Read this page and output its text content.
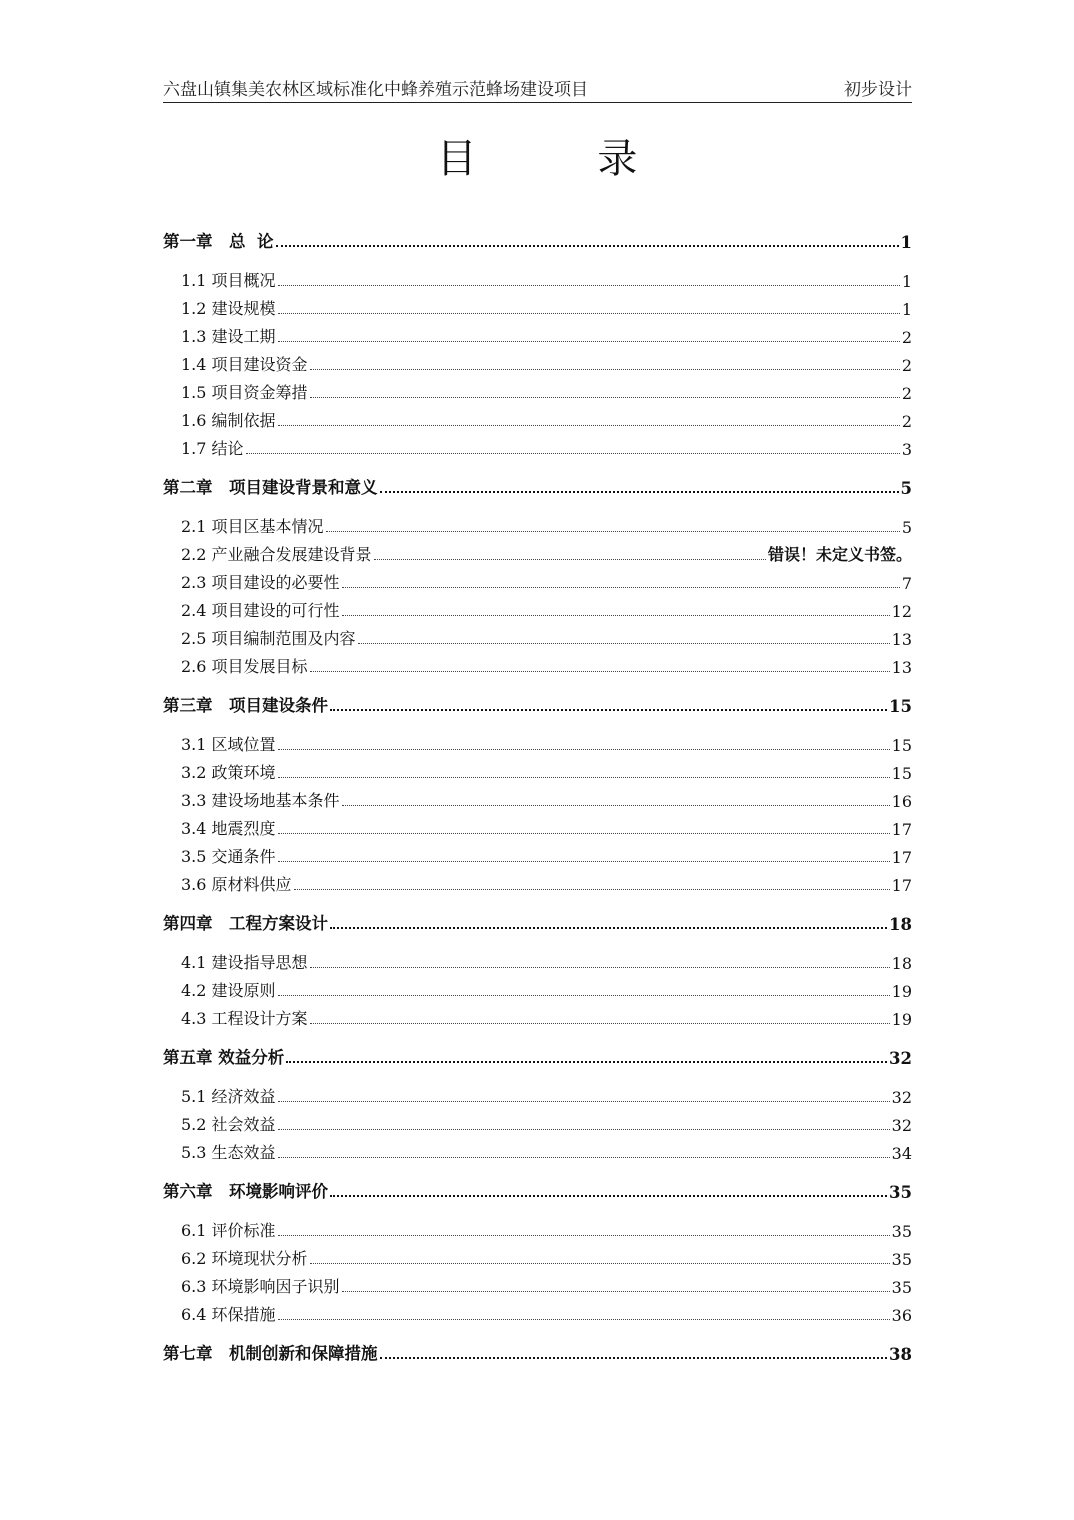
六盘山镇集美农林区域标准化中蜂养殖示范蜂场建设项目	初步设计
目 录
第一章　总  论	1
1.1 项目概况	1
1.2 建设规模	1
1.3 建设工期	2
1.4 项目建设资金	2
1.5 项目资金筹措	2
1.6 编制依据	2
1.7 结论	3
第二章　项目建设背景和意义	5
2.1 项目区基本情况	5
2.2 产业融合发展建设背景	错误！未定义书签。
2.3 项目建设的必要性	7
2.4 项目建设的可行性	12
2.5 项目编制范围及内容	13
2.6 项目发展目标	13
第三章　项目建设条件	15
3.1 区域位置	15
3.2 政策环境	15
3.3 建设场地基本条件	16
3.4 地震烈度	17
3.5 交通条件	17
3.6 原材料供应	17
第四章　工程方案设计	18
4.1 建设指导思想	18
4.2 建设原则	19
4.3 工程设计方案	19
第五章 效益分析	32
5.1 经济效益	32
5.2 社会效益	32
5.3 生态效益	34
第六章　环境影响评价	35
6.1 评价标准	35
6.2 环境现状分析	35
6.3 环境影响因子识别	35
6.4 环保措施	36
第七章　机制创新和保障措施	38
